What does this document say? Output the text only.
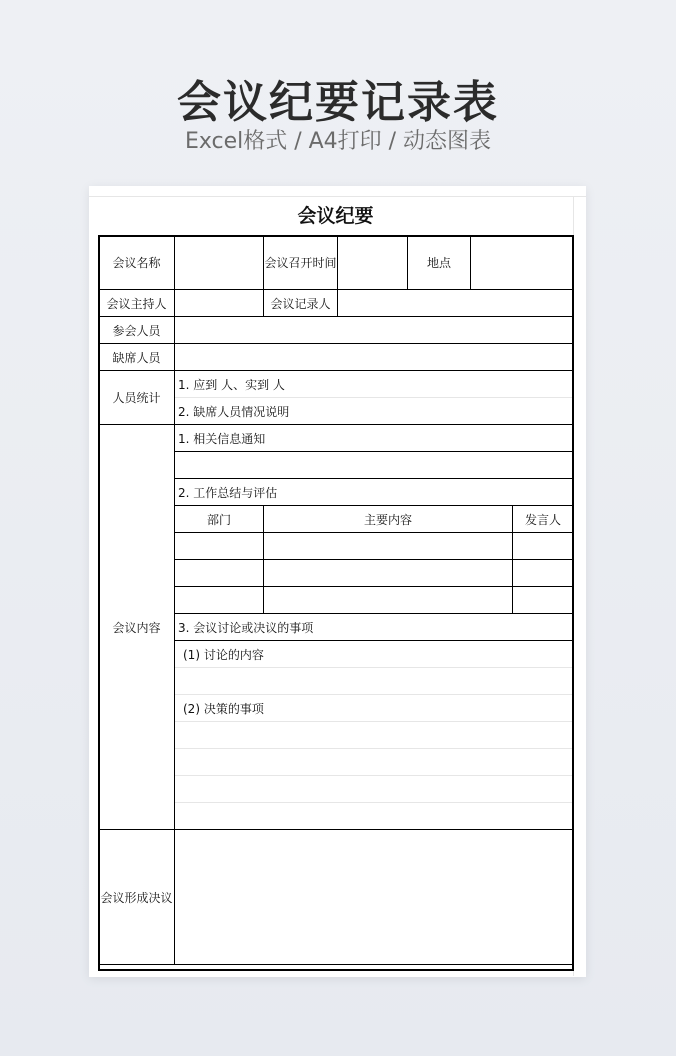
会议纪要记录表
Excel格式 / A4打印 / 动态图表
会议纪要
会议名称		会议召开时间		地点		
会议主持人		会议记录人				
参会人员						
缺席人员						
人员统计	1. 应到 人、实到 人					
	2. 缺席人员情况说明					
会议内容	1. 相关信息通知					

	2. 工作总结与评估					
	部门	主要内容				发言人

	3. 会议讨论或决议的事项					
	(1) 讨论的内容					

	(2) 决策的事项					

会议形成决议						
